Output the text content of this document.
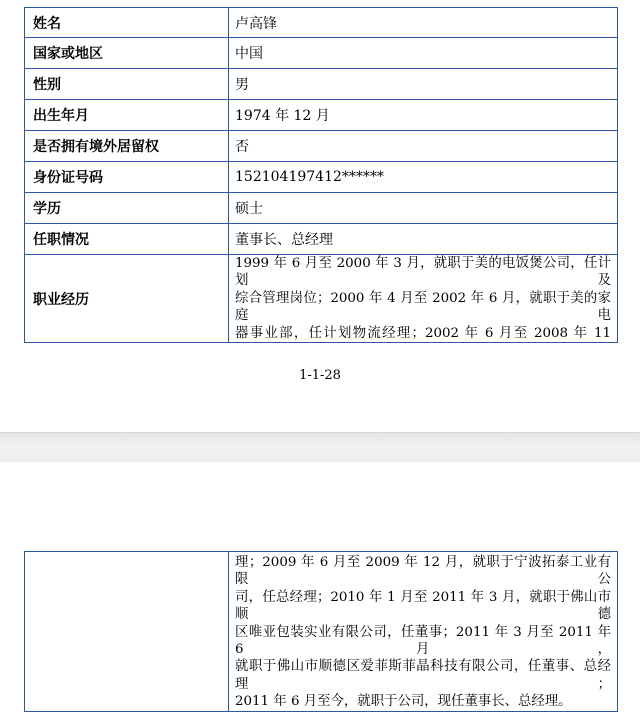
姓名	卢高锋
国家或地区	中国
性别	男
出生年月	1974 年 12 月
是否拥有境外居留权	否
身份证号码	152104197412******
学历	硕士
任职情况	董事长、总经理
职业经历	1999 年 6 月至 2000 年 3 月，就职于美的电饭煲公司，任计划及
综合管理岗位；2000 年 4 月至 2002 年 6 月，就职于美的家庭电
器事业部，任计划物流经理；2002 年 6 月至 2008 年 11
1-1-28

理；2009 年 6 月至 2009 年 12 月，就职于宁波拓泰工业有限公
司，任总经理；2010 年 1 月至 2011 年 3 月，就职于佛山市顺德
区唯亚包装实业有限公司，任董事；2011 年 3 月至 2011 年 6 月，
就职于佛山市顺德区爱菲斯菲晶科技有限公司，任董事、总经理；
2011 年 6 月至今，就职于公司，现任董事长、总经理。
